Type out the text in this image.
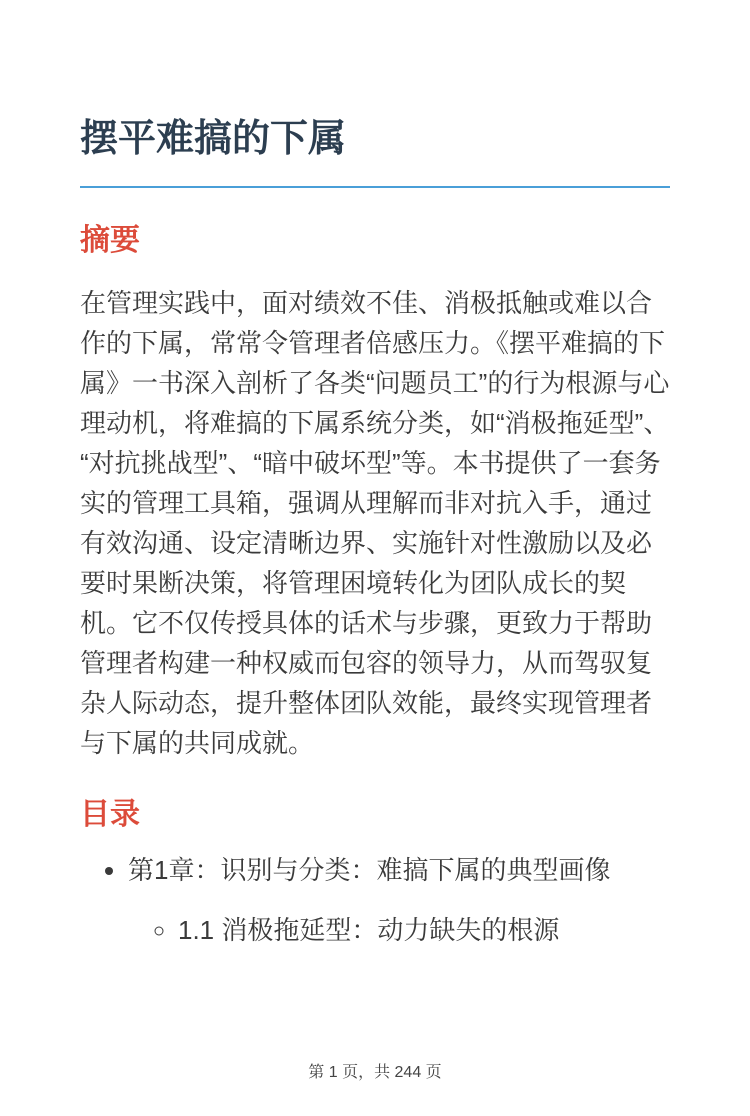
摆平难搞的下属
摘要

在管理实践中，面对绩效不佳、消极抵触或难以合作的下属，常常令管理者倍感压力。《摆平难搞的下属》一书深入剖析了各类“问题员工”的行为根源与心理动机，将难搞的下属系统分类，如“消极拖延型”、“对抗挑战型”、“暗中破坏型”等。本书提供了一套务实的管理工具箱，强调从理解而非对抗入手，通过有效沟通、设定清晰边界、实施针对性激励以及必要时果断决策，将管理困境转化为团队成长的契机。它不仅传授具体的话术与步骤，更致力于帮助管理者构建一种权威而包容的领导力，从而驾驭复杂人际动态，提升整体团队效能，最终实现管理者与下属的共同成就。

目录
• 第1章：识别与分类：难搞下属的典型画像
◦ 1.1 消极拖延型：动力缺失的根源
第 1 页，共 244 页
